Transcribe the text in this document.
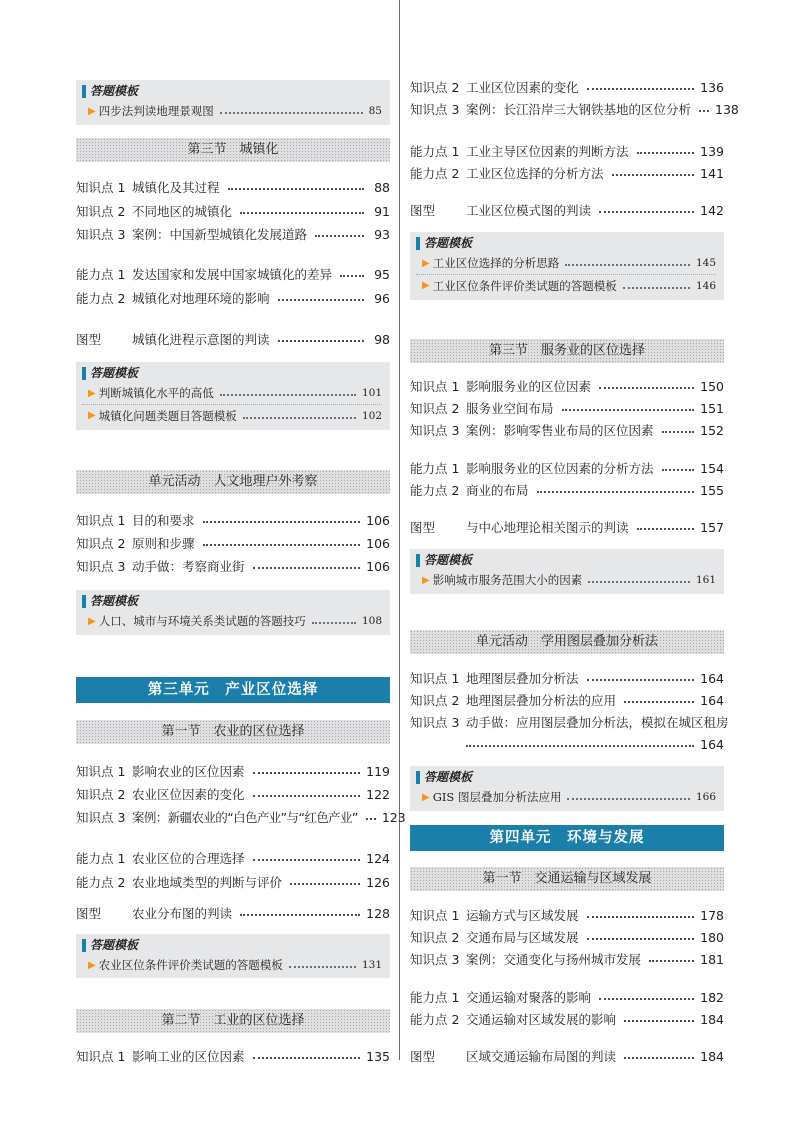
答题模板
▶ 四步法判读地理景观图	85
第三节　城镇化
知识点 1 城镇化及其过程	88
知识点 2 不同地区的城镇化	91
知识点 3 案例：中国新型城镇化发展道路	93
能力点 1 发达国家和发展中国家城镇化的差异	95
能力点 2 城镇化对地理环境的影响	96
图型	城镇化进程示意图的判读	98
答题模板
▶ 判断城镇化水平的高低	101
▶ 城镇化问题类题目答题模板	102
单元活动　人文地理户外考察
知识点 1 目的和要求	106
知识点 2 原则和步骤	106
知识点 3 动手做：考察商业街	106
答题模板
▶ 人口、城市与环境关系类试题的答题技巧	108
第三单元　产业区位选择
第一节　农业的区位选择
知识点 1 影响农业的区位因素	119
知识点 2 农业区位因素的变化	122
知识点 3 案例：新疆农业的“白色产业”与“红色产业” 123
能力点 1 农业区位的合理选择	124
能力点 2 农业地域类型的判断与评价	126
图型	农业分布图的判读	128
答题模板
▶ 农业区位条件评价类试题的答题模板	131
第二节　工业的区位选择
知识点 1 影响工业的区位因素	135
知识点 2 工业区位因素的变化	136
知识点 3 案例：长江沿岸三大钢铁基地的区位分析 138
能力点 1 工业主导区位因素的判断方法	139
能力点 2 工业区位选择的分析方法	141
图型	工业区位模式图的判读	142
答题模板
▶ 工业区位选择的分析思路	145
▶ 工业区位条件评价类试题的答题模板	146
第三节　服务业的区位选择
知识点 1 影响服务业的区位因素	150
知识点 2 服务业空间布局	151
知识点 3 案例：影响零售业布局的区位因素	152
能力点 1 影响服务业的区位因素的分析方法	154
能力点 2 商业的布局	155
图型	与中心地理论相关图示的判读	157
答题模板
▶ 影响城市服务范围大小的因素	161
单元活动　学用图层叠加分析法
知识点 1 地理图层叠加分析法	164
知识点 2 地理图层叠加分析法的应用	164
知识点 3 动手做：应用图层叠加分析法，模拟在城区租房
164
答题模板
▶ GIS 图层叠加分析法应用	166
第四单元　环境与发展
第一节　交通运输与区域发展
知识点 1 运输方式与区域发展	178
知识点 2 交通布局与区域发展	180
知识点 3 案例：交通变化与扬州城市发展	181
能力点 1 交通运输对聚落的影响	182
能力点 2 交通运输对区域发展的影响	184
图型	区域交通运输布局图的判读	184
